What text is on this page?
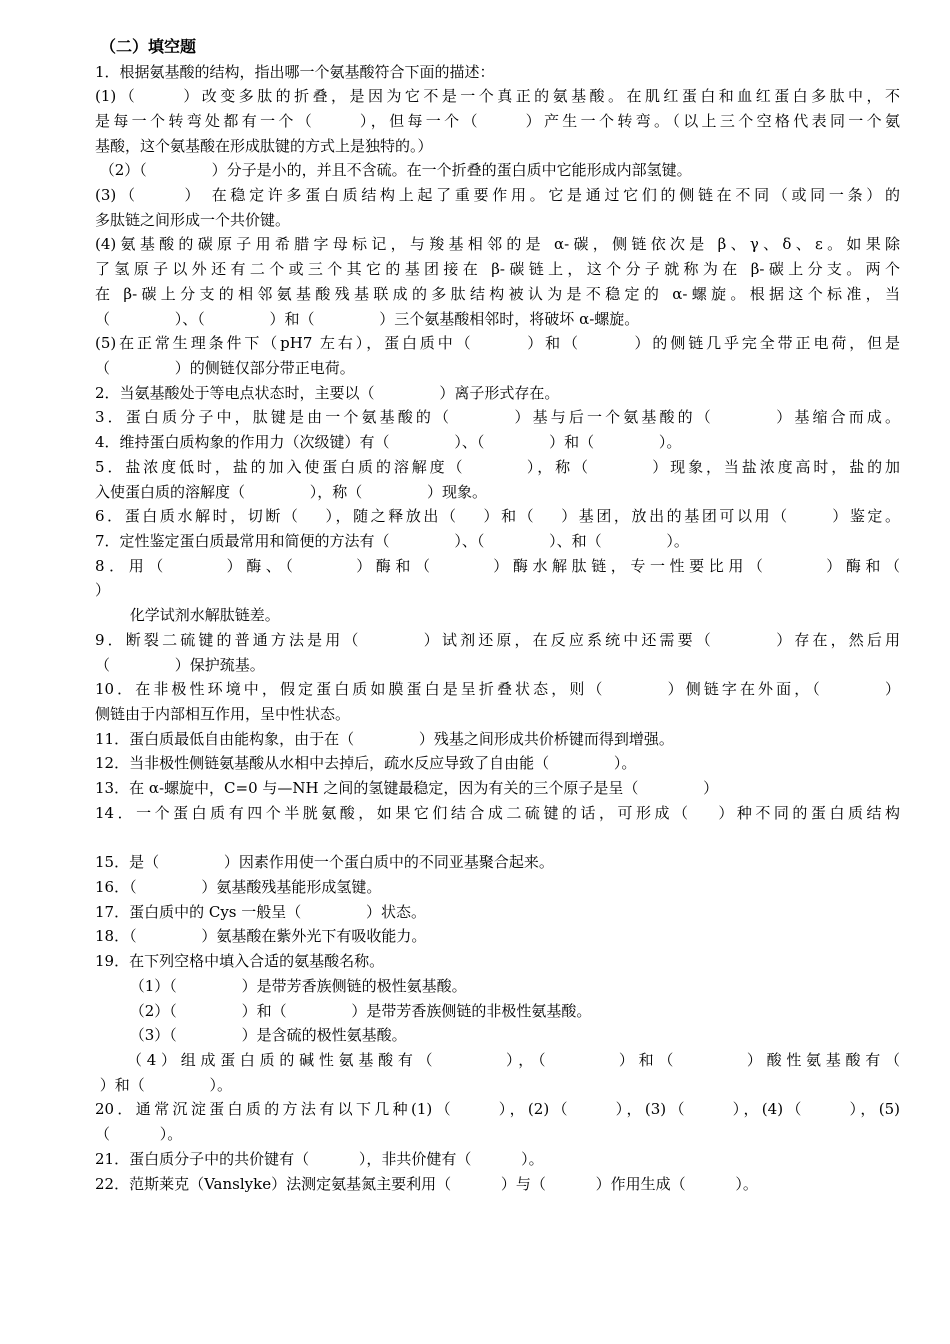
（二）填空题
1．根据氨基酸的结构，指出哪一个氨基酸符合下面的描述：
(1)（　　 ）改变多肽的折叠，是因为它不是一个真正的氨基酸。在肌红蛋白和血红蛋白多肽中，不
是每一个转弯处都有一个（　　 ），但每一个（　　 ）产生一个转弯。（以上三个空格代表同一个氨
基酸，这个氨基酸在形成肽键的方式上是独特的。）
（2）（　　　　 ）分子是小的，并且不含硫。在一个折叠的蛋白质中它能形成内部氢键。
(3)（　　 ） 在稳定许多蛋白质结构上起了重要作用。它是通过它们的侧链在不同（或同一条）的
多肽链之间形成一个共价键。
(4)氨基酸的碳原子用希腊字母标记，与羧基相邻的是 α-碳，侧链依次是 β、γ、δ、ε。如果除
了氢原子以外还有二个或三个其它的基团接在 β-碳链上，这个分子就称为在 β-碳上分支。两个
在 β-碳上分支的相邻氨基酸残基联成的多肽结构被认为是不稳定的 α-螺旋。根据这个标准，当
（　　　　 ）、（　　　　 ）和（　　　　 ）三个氨基酸相邻时，将破坏 α-螺旋。
(5)在正常生理条件下（pH7 左右），蛋白质中（　　　）和（　　　）的侧链几乎完全带正电荷，但是
（　　　　 ）的侧链仅部分带正电荷。
2．当氨基酸处于等电点状态时，主要以（　　　　 ）离子形式存在。
3．蛋白质分子中，肽键是由一个氨基酸的（　　　 ）基与后一个氨基酸的（　　　 ）基缩合而成。
4．维持蛋白质构象的作用力（次级键）有（　　　　 ）、（　　　　 ）和（　　　　 ）。
5．盐浓度低时，盐的加入使蛋白质的溶解度（　　　 ），称（　　　 ）现象，当盐浓度高时，盐的加
入使蛋白质的溶解度（　　　　 ），称（　　　　 ）现象。
6．蛋白质水解时，切断（　 ），随之释放出（　 ）和（　 ）基团，放出的基团可以用（　　 ）鉴定。
7．定性鉴定蛋白质最常用和简便的方法有（　　　　 ）、（　　　　 ）、和（　　　　 ）。
8．用（　　　）酶、（　　　）酶和（　　　）酶水解肽链，专一性要比用（　　　）酶和（
）
　　 化学试剂水解肽链差。
9．断裂二硫键的普通方法是用（　　　 ）试剂还原，在反应系统中还需要（　　　 ）存在，然后用
（　　　　 ）保护巯基。
10．在非极性环境中，假定蛋白质如膜蛋白是呈折叠状态，则（　　　 ）侧链字在外面，（　　　 ）
侧链由于内部相互作用，呈中性状态。
11．蛋白质最低自由能构象，由于在（　　　　 ）残基之间形成共价桥键而得到增强。
12．当非极性侧链氨基酸从水相中去掉后，疏水反应导致了自由能（　　　　 ）。
13．在 α-螺旋中，C=0 与—NH 之间的氢键最稳定，因为有关的三个原子是呈（　　　　 ）
14．一个蛋白质有四个半胱氨酸，如果它们结合成二硫键的话，可形成（　 ）种不同的蛋白质结构
15．是（　　　　 ）因素作用使一个蛋白质中的不同亚基聚合起来。
16．（　　　　 ）氨基酸残基能形成氢键。
17．蛋白质中的 Cys 一般呈（　　　　 ）状态。
18．（　　　　 ）氨基酸在紫外光下有吸收能力。
19．在下列空格中填入合适的氨基酸名称。
　　 （1）（　　　　 ）是带芳香族侧链的极性氨基酸。
　　 （2）（　　　　 ）和（　　　　 ）是带芳香族侧链的非极性氨基酸。
　　 （3）（　　　　 ）是含硫的极性氨基酸。
　　（4）组成蛋白质的碱性氨基酸有（　　　 ），（　　　 ）和（　　　 ）酸性氨基酸有（
）和（　　　　 ）。
20．通常沉淀蛋白质的方法有以下几种(1)（　　 ），(2)（　　 ），(3)（　　 ），(4)（　　 ），(5)
（　　　 ）。
21．蛋白质分子中的共价键有（　　　 ），非共价健有（　　　 ）。
22．范斯莱克（Vanslyke）法测定氨基氮主要利用（　　　 ）与（　　　 ）作用生成（　　　 ）。
